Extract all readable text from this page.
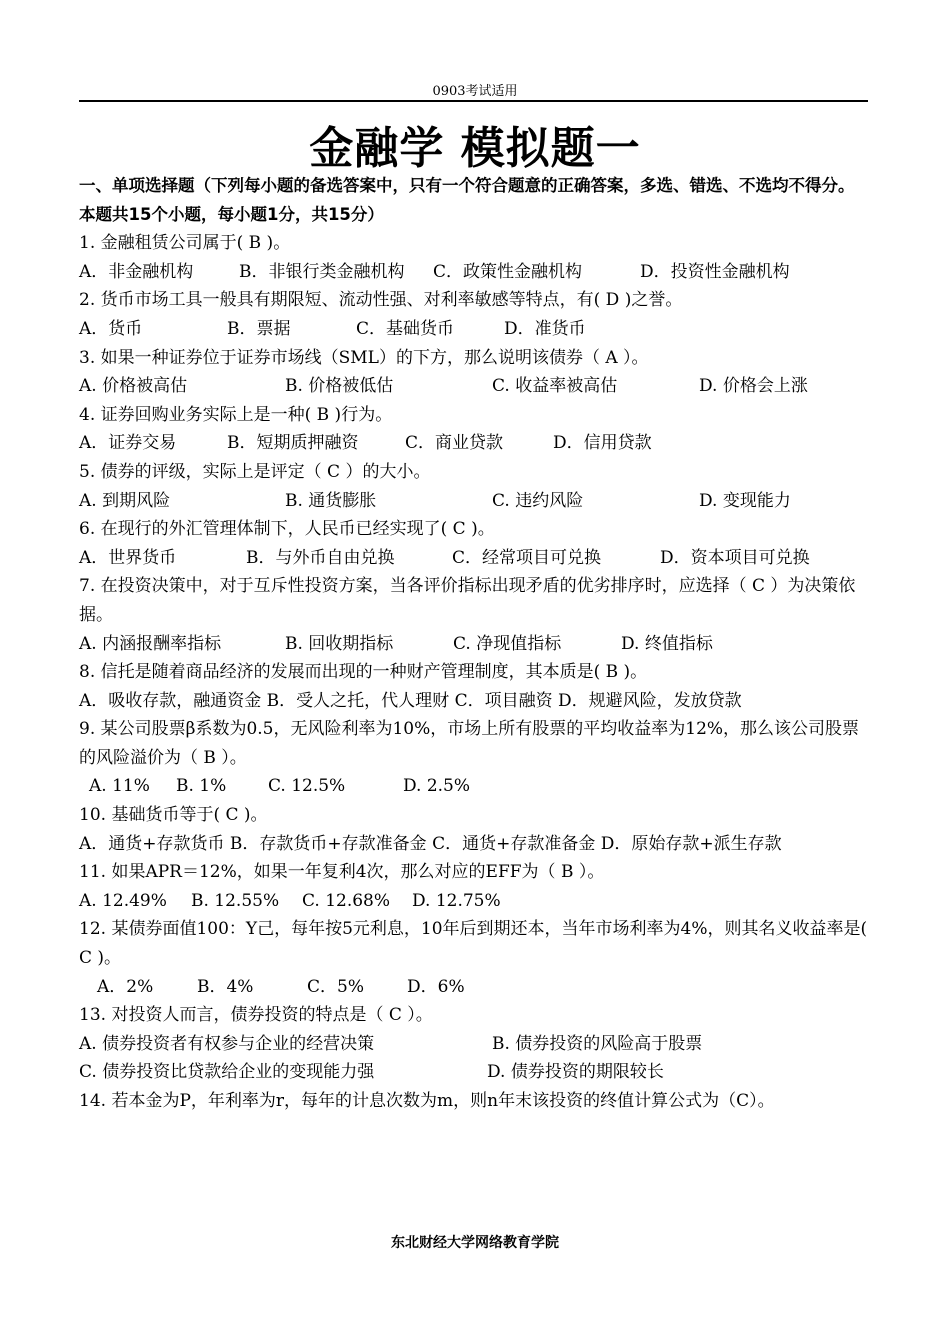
0903考试适用
金融学 模拟题一
一、单项选择题（下列每小题的备选答案中，只有一个符合题意的正确答案，多选、错选、不选均不得分。本题共15个小题，每小题1分，共15分）
1. 金融租赁公司属于( B )。
A．非金融机构	B．非银行类金融机构 C．政策性金融机构	D．投资性金融机构
2. 货币市场工具一般具有期限短、流动性强、对利率敏感等特点，有( D )之誉。
A．货币	B．票据	C．基础货币	D．准货币
3. 如果一种证券位于证券市场线（SML）的下方，那么说明该债券（ A ）。
A. 价格被高估	B. 价格被低估	C. 收益率被高估	D. 价格会上涨
4. 证券回购业务实际上是一种( B )行为。
A．证券交易	B．短期质押融资	C．商业贷款	D．信用贷款
5. 债券的评级，实际上是评定（ C ）的大小。
A. 到期风险	B. 通货膨胀	C. 违约风险	D. 变现能力
6. 在现行的外汇管理体制下，人民币已经实现了( C )。
A．世界货币	B．与外币自由兑换	C．经常项目可兑换	D．资本项目可兑换
7. 在投资决策中，对于互斥性投资方案，当各评价指标出现矛盾的优劣排序时，应选择（ C ）为决策依据。
A. 内涵报酬率指标	B. 回收期指标	C. 净现值指标	D. 终值指标
8. 信托是随着商品经济的发展而出现的一种财产管理制度，其本质是( B )。
A．吸收存款，融通资金 B．受人之托，代人理财 C．项目融资 D．规避风险，发放贷款
9. 某公司股票β系数为0.5，无风险利率为10%，市场上所有股票的平均收益率为12%，那么该公司股票的风险溢价为（ B ）。
A. 11% B. 1% C. 12.5%	D. 2.5%
10. 基础货币等于( C )。
A．通货+存款货币 B．存款货币+存款准备金 C．通货+存款准备金 D．原始存款+派生存款
11. 如果APR＝12%，如果一年复利4次，那么对应的EFF为（ B ）。
A. 12.49% B. 12.55% C. 12.68% D. 12.75%
12. 某债券面值100：Y己，每年按5元利息，10年后到期还本，当年市场利率为4%，则其名义收益率是( C )。
A．2%	B．4%	C．5%	D．6%
13. 对投资人而言，债券投资的特点是（ C ）。
A. 债券投资者有权参与企业的经营决策	B. 债券投资的风险高于股票
C. 债券投资比贷款给企业的变现能力强	D. 债券投资的期限较长
14. 若本金为P，年利率为r，每年的计息次数为m，则n年末该投资的终值计算公式为（C）。
东北财经大学网络教育学院
